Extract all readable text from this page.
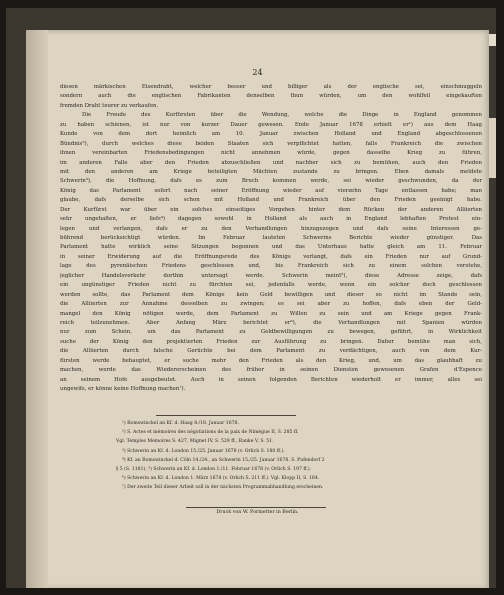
24
diesen märkischen Eisendraht, welcher besser und billiger als der englische sei, einschmuggeln
sondern auch die englischen Fabrikanten denselben thun würden, um den wohlfeil eingekauften
fremden Draht teurer zu verkaufen.
Die Freude des Kurfürsten über die Wendung, welche die Dinge in England genommen
zu haben schienen, ist nur von kurzer Dauer gewesen. Ende Januar 1678 erhielt er¹) aus dem Haag
Kunde von dem dort heimlich am 10. Januar zwischen Holland und England abgeschlossenen
Bündnis²), durch welches diese beiden Staaten sich verpflichtet hatten, falls Frankreich die zwischen
ihnen vereinbarten Friedensbedingungen nicht annehmen würde, gegen dasselbe Krieg zu führen,
im anderen Falle aber den Frieden abzuschließen und nachher sich zu bemühen, auch den Frieden
mit den anderen am Kriege beteiligten Mächten zustande zu bringen. Eben damals meldete
Schwerin³), die Hoffnung, dafs es zum Bruch kommen werde, sei wieder geschwunden, da der
König das Parlament sofort nach seiner Eröffnung wieder auf vierzehn Tage entlassen habe; man
glaube, dafs derselbe sich schon mit Holland und Frankreich über den Frieden geeinigt habe.
Der Kurfürst war über ein solches einseitiges Vorgehen hinter dem Rücken der anderen Alliierten
sehr ungehalten, er liefs⁴) dagegen sowohl in Holland als auch in England lebhaften Protest ein-
legen und verlangen, dafs er zu den Verhandlungen hinzugezogen und dafs seine Interessen ge-
bührend berücksichtigt würden. Im Februar lauteten Schwerins Berichte wieder günstiger. Das
Parlament hatte wirklich seine Sitzungen begonnen und das Unterhaus hatte gleich am 11. Februar
in seiner Erwiderung auf die Eröffnungsrede des Königs verlangt, dafs ein Frieden nur auf Grund-
lage des pyrenäischen Friedens geschlossen und, bis Frankreich sich zu einem solchen verstehe,
jeglicher Handelsverkehr dorthin untersagt werde. Schwerin meint⁵), diese Adresse zeige, dafs
ein ungünstiger Frieden nicht zu fürchten sei, jedenfalls werde, wenn ein solcher doch geschlossen
werden sollte, das Parlament dem Könige kein Geld bewilligen und dieser so nicht im Stande sein,
die Alliierten zur Annahme desselben zu zwingen; es sei aber zu hoffen, dafs eben der Geld-
mangel den König nötigen werde, dem Parlament zu Willen zu sein und am Kriege gegen Frank-
reich teilzunehmen. Aber Anfang März berichtet er⁶), die Verhandlungen mit Spanien würden
nur zum Schein, um das Parlament zu Geldbewilligungen zu bewegen, geführt, in Wirklichkeit
suche der König den projektierten Frieden zur Ausführung zu bringen. Daher bemühe man sich,
die Alliierten durch falsche Gerüchte bei dem Parlament zu verdächtigen, auch von dem Kur-
fürsten werde behauptet, er suche mehr den Frieden als den Krieg, und, um das glaubhaft zu
machen, werde das Wiedererscheinen des früher in seinen Diensten gewesenen Grafen d'Espence
an seinem Hofe ausgebeutet. Auch in seinen folgenden Berichten wiederholt er immer, alles sei
ungewifs, er könne keine Hoffnung machen⁷).
¹) Romswinckel an Kf. d. Haag 8./18. Januar 1678.
²) S. Actes et mémoires des négotiations de la paix de Nimègue II, S. 285 ff.
Vgl. Temples Memoires S. 427, Mignet IV, S. 529 ff., Ranke V, S. 51.
³) Schwerin an Kf. d. London 15./25. Januar 1678 (v. Orlich S. 180 ff.).
⁴) Kf. an Romswinckel d. Cöln 14./24., an Schwerin 15./25. Januar 1678. S. Pufendorf 2
§ 5 (S. 1181). ⁵) Schwerin an Kf. d. London 1./11. Februar 1678 (v. Orlich S. 197 ff.).
⁶) Schwerin an Kf. d. London 1. März 1678 (v. Orlich S. 211 ff.). Vgl. Klopp II, S. 164.
⁷) Der zweite Teil dieser Arbeit soll in der nächsten Programmabhandlung erscheinen.
Druck von W. Pormetter in Berlin.
